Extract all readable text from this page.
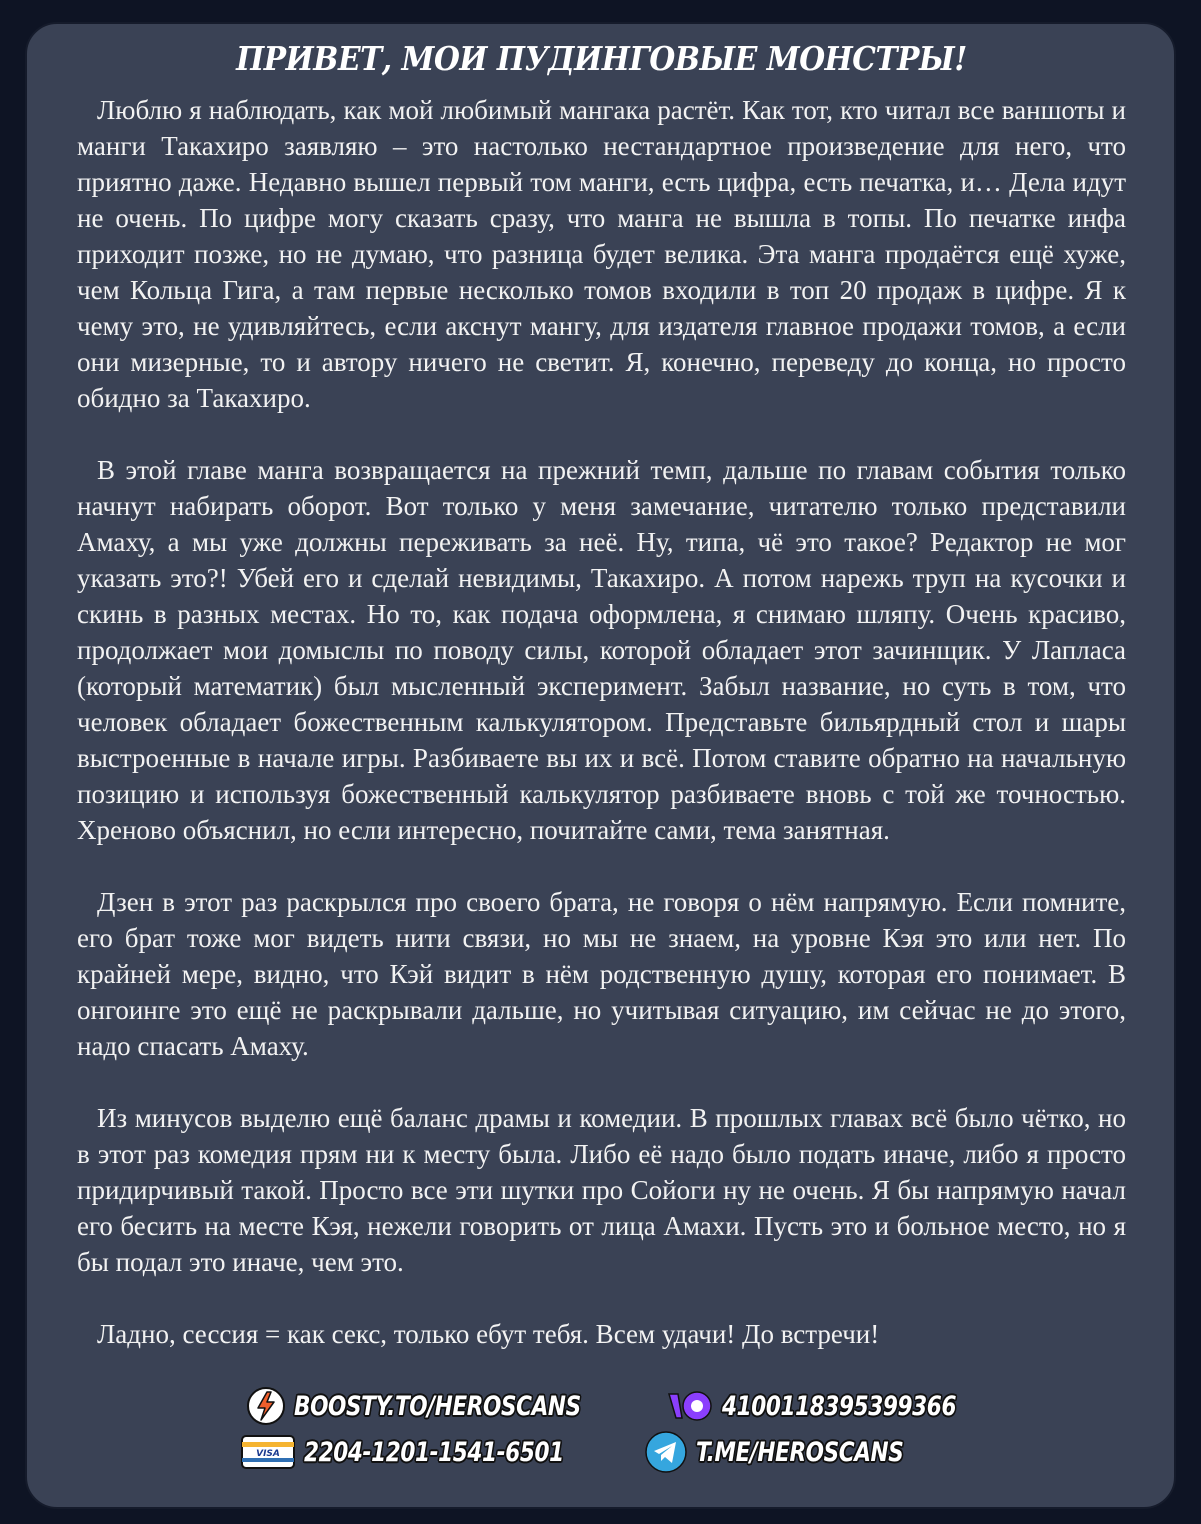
ПРИВЕТ, МОИ ПУДИНГОВЫЕ МОНСТРЫ!

Люблю я наблюдать, как мой любимый мангака растёт. Как тот, кто читал все ваншоты и манги Такахиро заявляю – это настолько нестандартное произведение для него, что приятно даже. Недавно вышел первый том манги, есть цифра, есть печатка, и… Дела идут не очень. По цифре могу сказать сразу, что манга не вышла в топы. По печатке инфа приходит позже, но не думаю, что разница будет велика. Эта манга продаётся ещё хуже, чем Кольца Гига, а там первые несколько томов входили в топ 20 продаж в цифре. Я к чему это, не удивляйтесь, если акснут мангу, для издателя главное продажи томов, а если они мизерные, то и автору ничего не светит. Я, конечно, переведу до конца, но просто обидно за Такахиро.

В этой главе манга возвращается на прежний темп, дальше по главам события только начнут набирать оборот. Вот только у меня замечание, читателю только представили Амаху, а мы уже должны переживать за неё. Ну, типа, чё это такое? Редактор не мог указать это?! Убей его и сделай невидимы, Такахиро. А потом нарежь труп на кусочки и скинь в разных местах. Но то, как подача оформлена, я снимаю шляпу. Очень красиво, продолжает мои домыслы по поводу силы, которой обладает этот зачинщик. У Лапласа (который математик) был мысленный эксперимент. Забыл название, но суть в том, что человек обладает божественным калькулятором. Представьте бильярдный стол и шары выстроенные в начале игры. Разбиваете вы их и всё. Потом ставите обратно на начальную позицию и используя божественный калькулятор разбиваете вновь с той же точностью. Хреново объяснил, но если интересно, почитайте сами, тема занятная.

Дзен в этот раз раскрылся про своего брата, не говоря о нём напрямую. Если помните, его брат тоже мог видеть нити связи, но мы не знаем, на уровне Кэя это или нет. По крайней мере, видно, что Кэй видит в нём родственную душу, которая его понимает. В онгоинге это ещё не раскрывали дальше, но учитывая ситуацию, им сейчас не до этого, надо спасать Амаху.

Из минусов выделю ещё баланс драмы и комедии. В прошлых главах всё было чётко, но в этот раз комедия прям ни к месту была. Либо её надо было подать иначе, либо я просто придирчивый такой. Просто все эти шутки про Сойоги ну не очень. Я бы напрямую начал его бесить на месте Кэя, нежели говорить от лица Амахи. Пусть это и больное место, но я бы подал это иначе, чем это.

Ладно, сессия = как секс, только ебут тебя. Всем удачи! До встречи!

BOOSTY.TO/HEROSCANS	4100118395399366
VISA 2204-1201-1541-6501	T.ME/HEROSCANS
